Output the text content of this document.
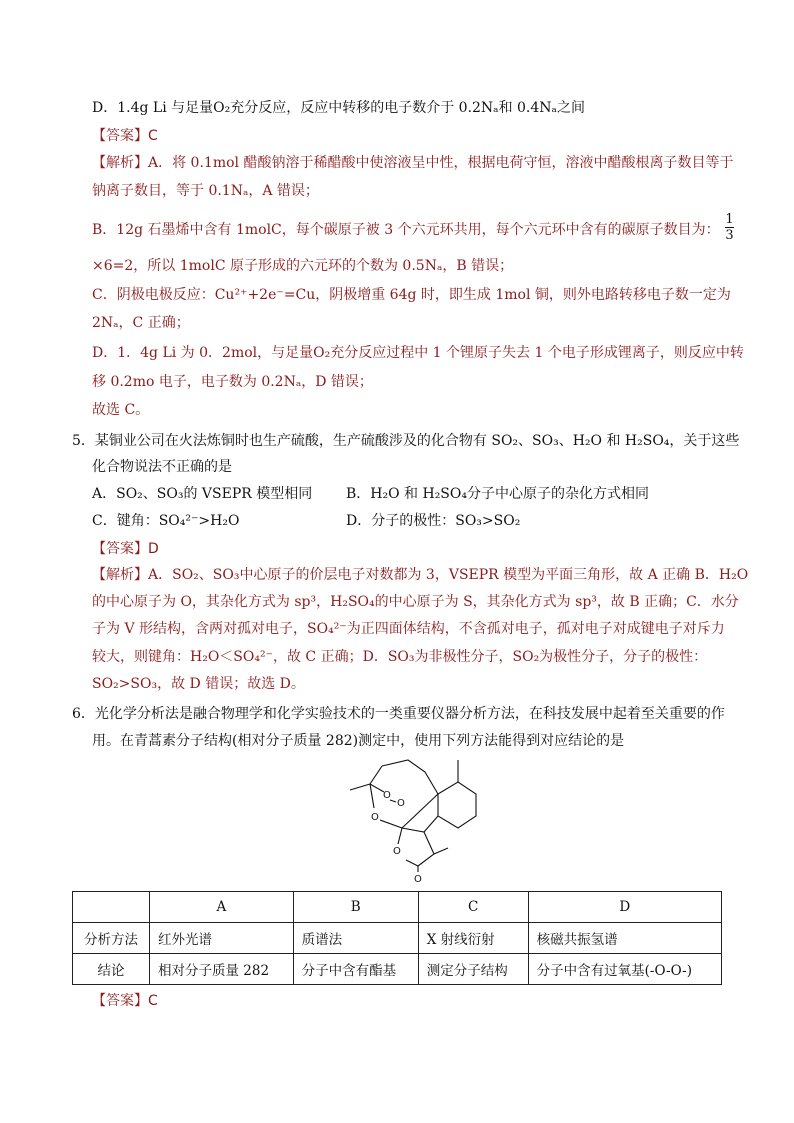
D．1.4g Li 与足量O₂充分反应，反应中转移的电子数介于 0.2Nₐ和 0.4Nₐ之间
【答案】C
【解析】A．将 0.1mol 醋酸钠溶于稀醋酸中使溶液呈中性，根据电荷守恒，溶液中醋酸根离子数目等于
钠离子数目，等于 0.1Nₐ，A 错误；
B．12g 石墨烯中含有 1molC，每个碳原子被 3 个六元环共用，每个六元环中含有的碳原子数目为：
1
3
×6=2，所以 1molC 原子形成的六元环的个数为 0.5Nₐ，B 错误；
C．阴极电极反应：Cu²⁺+2e⁻=Cu，阴极增重 64g 时，即生成 1mol 铜，则外电路转移电子数一定为
2Nₐ，C 正确；
D．1．4g Li 为 0．2mol，与足量O₂充分反应过程中 1 个锂原子失去 1 个电子形成锂离子，则反应中转
移 0.2mo 电子，电子数为 0.2Nₐ，D 错误；
故选 C。
5．某铜业公司在火法炼铜时也生产硫酸，生产硫酸涉及的化合物有 SO₂、SO₃、H₂O 和 H₂SO₄，关于这些
化合物说法不正确的是
A．SO₂、SO₃的 VSEPR 模型相同 B．H₂O 和 H₂SO₄分子中心原子的杂化方式相同
C．键角：SO₄²⁻>H₂O	D．分子的极性：SO₃>SO₂
【答案】D
【解析】A．SO₂、SO₃中心原子的价层电子对数都为 3，VSEPR 模型为平面三角形，故 A 正确 B．H₂O
的中心原子为 O，其杂化方式为 sp³，H₂SO₄的中心原子为 S，其杂化方式为 sp³，故 B 正确；C．水分
子为 V 形结构，含两对孤对电子，SO₄²⁻为正四面体结构，不含孤对电子，孤对电子对成键电子对斥力
较大，则键角：H₂O＜SO₄²⁻，故 C 正确；D．SO₃为非极性分子，SO₂为极性分子，分子的极性：
SO₂>SO₃，故 D 错误；故选 D。
6．光化学分析法是融合物理学和化学实验技术的一类重要仪器分析方法，在科技发展中起着至关重要的作
用。在青蒿素分子结构(相对分子质量 282)测定中，使用下列方法能得到对应结论的是
O
O
O
O
O
	A	B	C	D
分析方法	红外光谱	质谱法	X 射线衍射	核磁共振氢谱
结论	相对分子质量 282	分子中含有酯基	测定分子结构	分子中含有过氧基(-O-O-)
【答案】C
